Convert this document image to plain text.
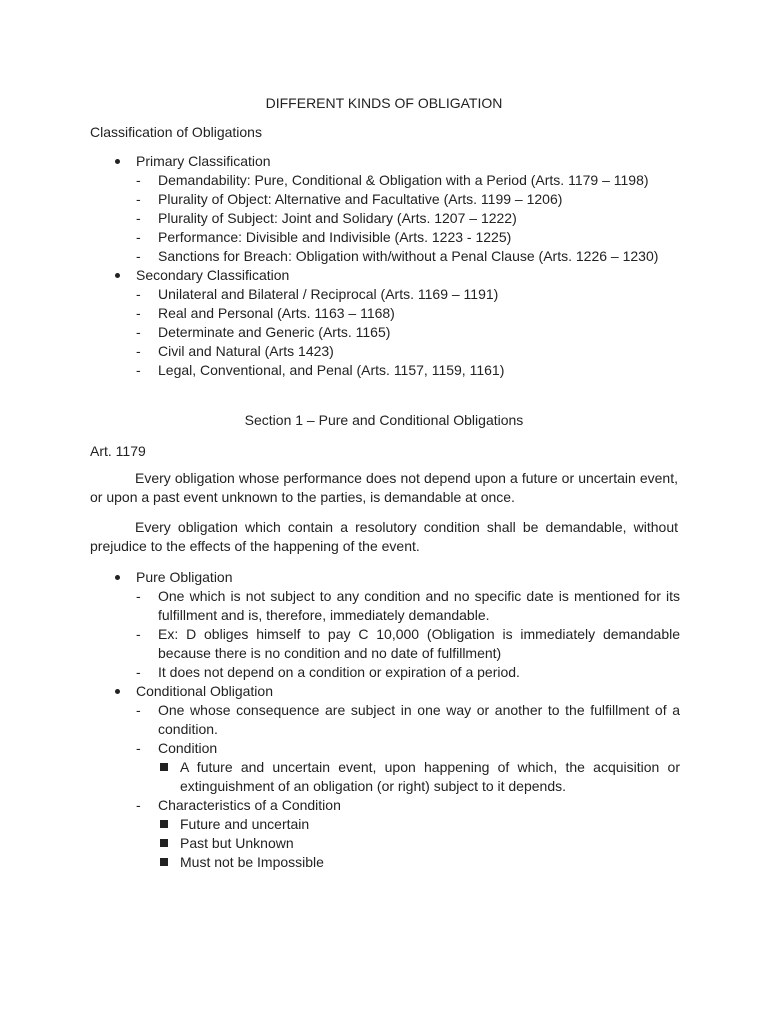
DIFFERENT KINDS OF OBLIGATION
Classification of Obligations
Primary Classification
- Demandability: Pure, Conditional & Obligation with a Period (Arts. 1179 – 1198)
- Plurality of Object: Alternative and Facultative (Arts. 1199 – 1206)
- Plurality of Subject: Joint and Solidary (Arts. 1207 – 1222)
- Performance: Divisible and Indivisible (Arts. 1223 - 1225)
- Sanctions for Breach: Obligation with/without a Penal Clause (Arts. 1226 – 1230)
Secondary Classification
- Unilateral and Bilateral / Reciprocal (Arts. 1169 – 1191)
- Real and Personal (Arts. 1163 – 1168)
- Determinate and Generic (Arts. 1165)
- Civil and Natural (Arts 1423)
- Legal, Conventional, and Penal (Arts. 1157, 1159, 1161)
Section 1 – Pure and Conditional Obligations
Art. 1179

Every obligation whose performance does not depend upon a future or uncertain event, or upon a past event unknown to the parties, is demandable at once.

Every obligation which contain a resolutory condition shall be demandable, without prejudice to the effects of the happening of the event.

Pure Obligation
- One which is not subject to any condition and no specific date is mentioned for its fulfillment and is, therefore, immediately demandable.
- Ex: D obliges himself to pay C 10,000 (Obligation is immediately demandable because there is no condition and no date of fulfillment)
- It does not depend on a condition or expiration of a period.
Conditional Obligation
- One whose consequence are subject in one way or another to the fulfillment of a condition.
- Condition
A future and uncertain event, upon happening of which, the acquisition or extinguishment of an obligation (or right) subject to it depends.
- Characteristics of a Condition
Future and uncertain
Past but Unknown
Must not be Impossible
